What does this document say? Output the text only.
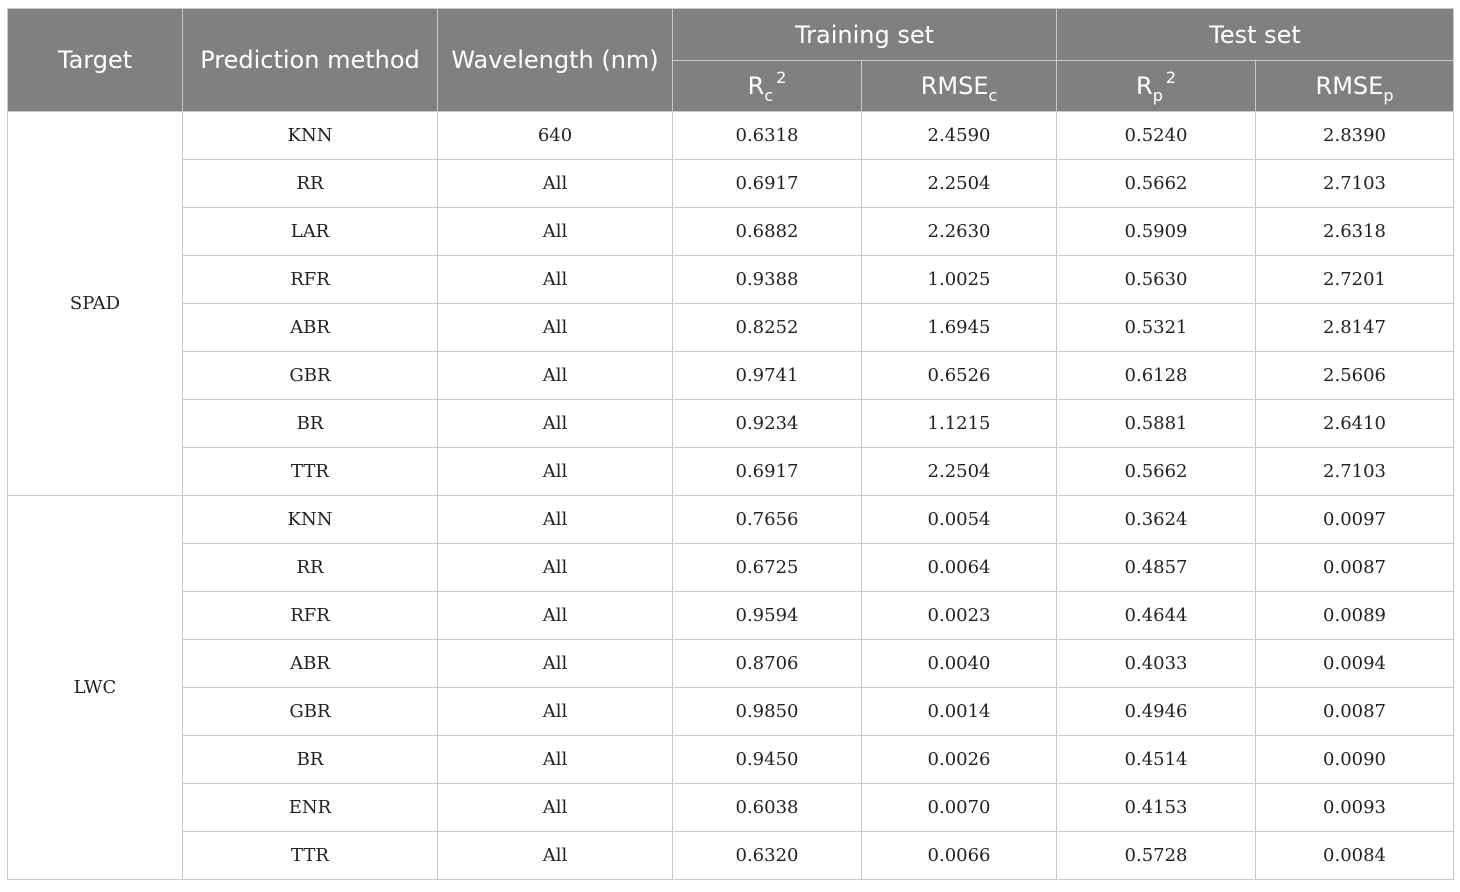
Target	Prediction method	Wavelength (nm)	Training set		Test set	
			$R_c^2$	$RMSE_c$	$R_p^2$	$RMSE_p$
SPAD	KNN	640	0.6318	2.4590	0.5240	2.8390
	RR	All	0.6917	2.2504	0.5662	2.7103
	LAR	All	0.6882	2.2630	0.5909	2.6318
	RFR	All	0.9388	1.0025	0.5630	2.7201
	ABR	All	0.8252	1.6945	0.5321	2.8147
	GBR	All	0.9741	0.6526	0.6128	2.5606
	BR	All	0.9234	1.1215	0.5881	2.6410
	TTR	All	0.6917	2.2504	0.5662	2.7103
LWC	KNN	All	0.7656	0.0054	0.3624	0.0097
	RR	All	0.6725	0.0064	0.4857	0.0087
	RFR	All	0.9594	0.0023	0.4644	0.0089
	ABR	All	0.8706	0.0040	0.4033	0.0094
	GBR	All	0.9850	0.0014	0.4946	0.0087
	BR	All	0.9450	0.0026	0.4514	0.0090
	ENR	All	0.6038	0.0070	0.4153	0.0093
	TTR	All	0.6320	0.0066	0.5728	0.0084
